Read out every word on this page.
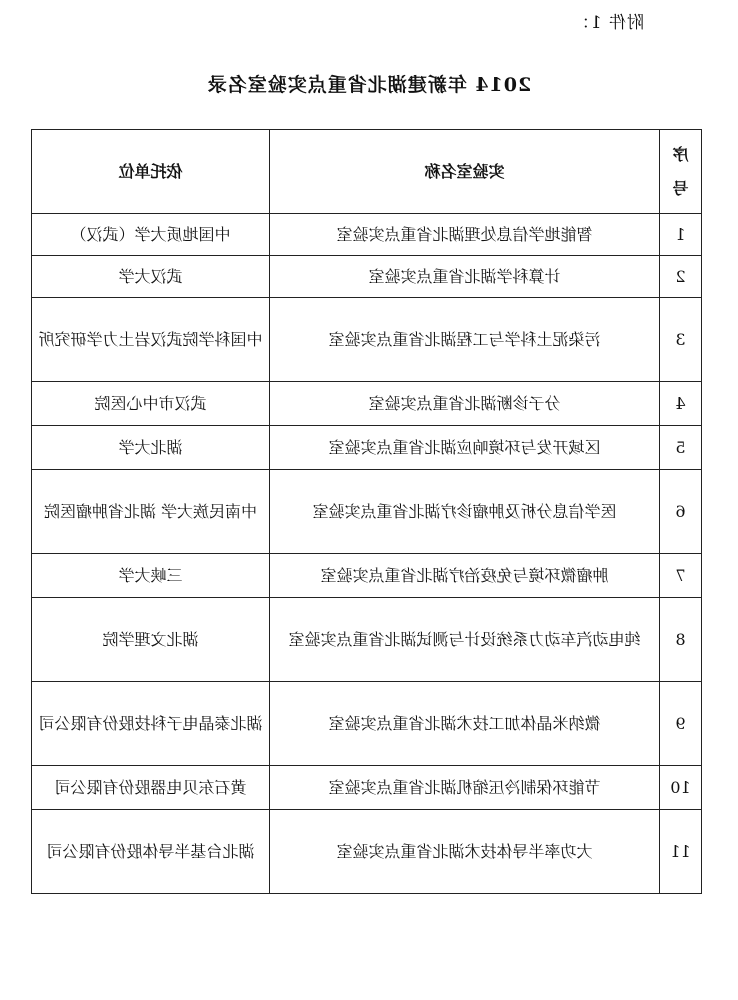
附件 1：
2014 年新建湖北省重点实验室名录
序号	实验室名称	依托单位
1	智能地学信息处理湖北省重点实验室	中国地质大学（武汉）
2	计算科学湖北省重点实验室	武汉大学
3	污染泥土科学与工程湖北省重点实验室	中国科学院武汉岩土力学研究所
4	分子诊断湖北省重点实验室	武汉市中心医院
5	区域开发与环境响应湖北省重点实验室	湖北大学
6	医学信息分析及肿瘤诊疗湖北省重点实验室	中南民族大学 湖北省肿瘤医院
7	肿瘤微环境与免疫治疗湖北省重点实验室	三峡大学
8	纯电动汽车动力系统设计与测试湖北省重点实验室	湖北文理学院
9	微纳米晶体加工技术湖北省重点实验室	湖北泰晶电子科技股份有限公司
10	节能环保制冷压缩机湖北省重点实验室	黄石东贝电器股份有限公司
11	大功率半导体技术湖北省重点实验室	湖北台基半导体股份有限公司
